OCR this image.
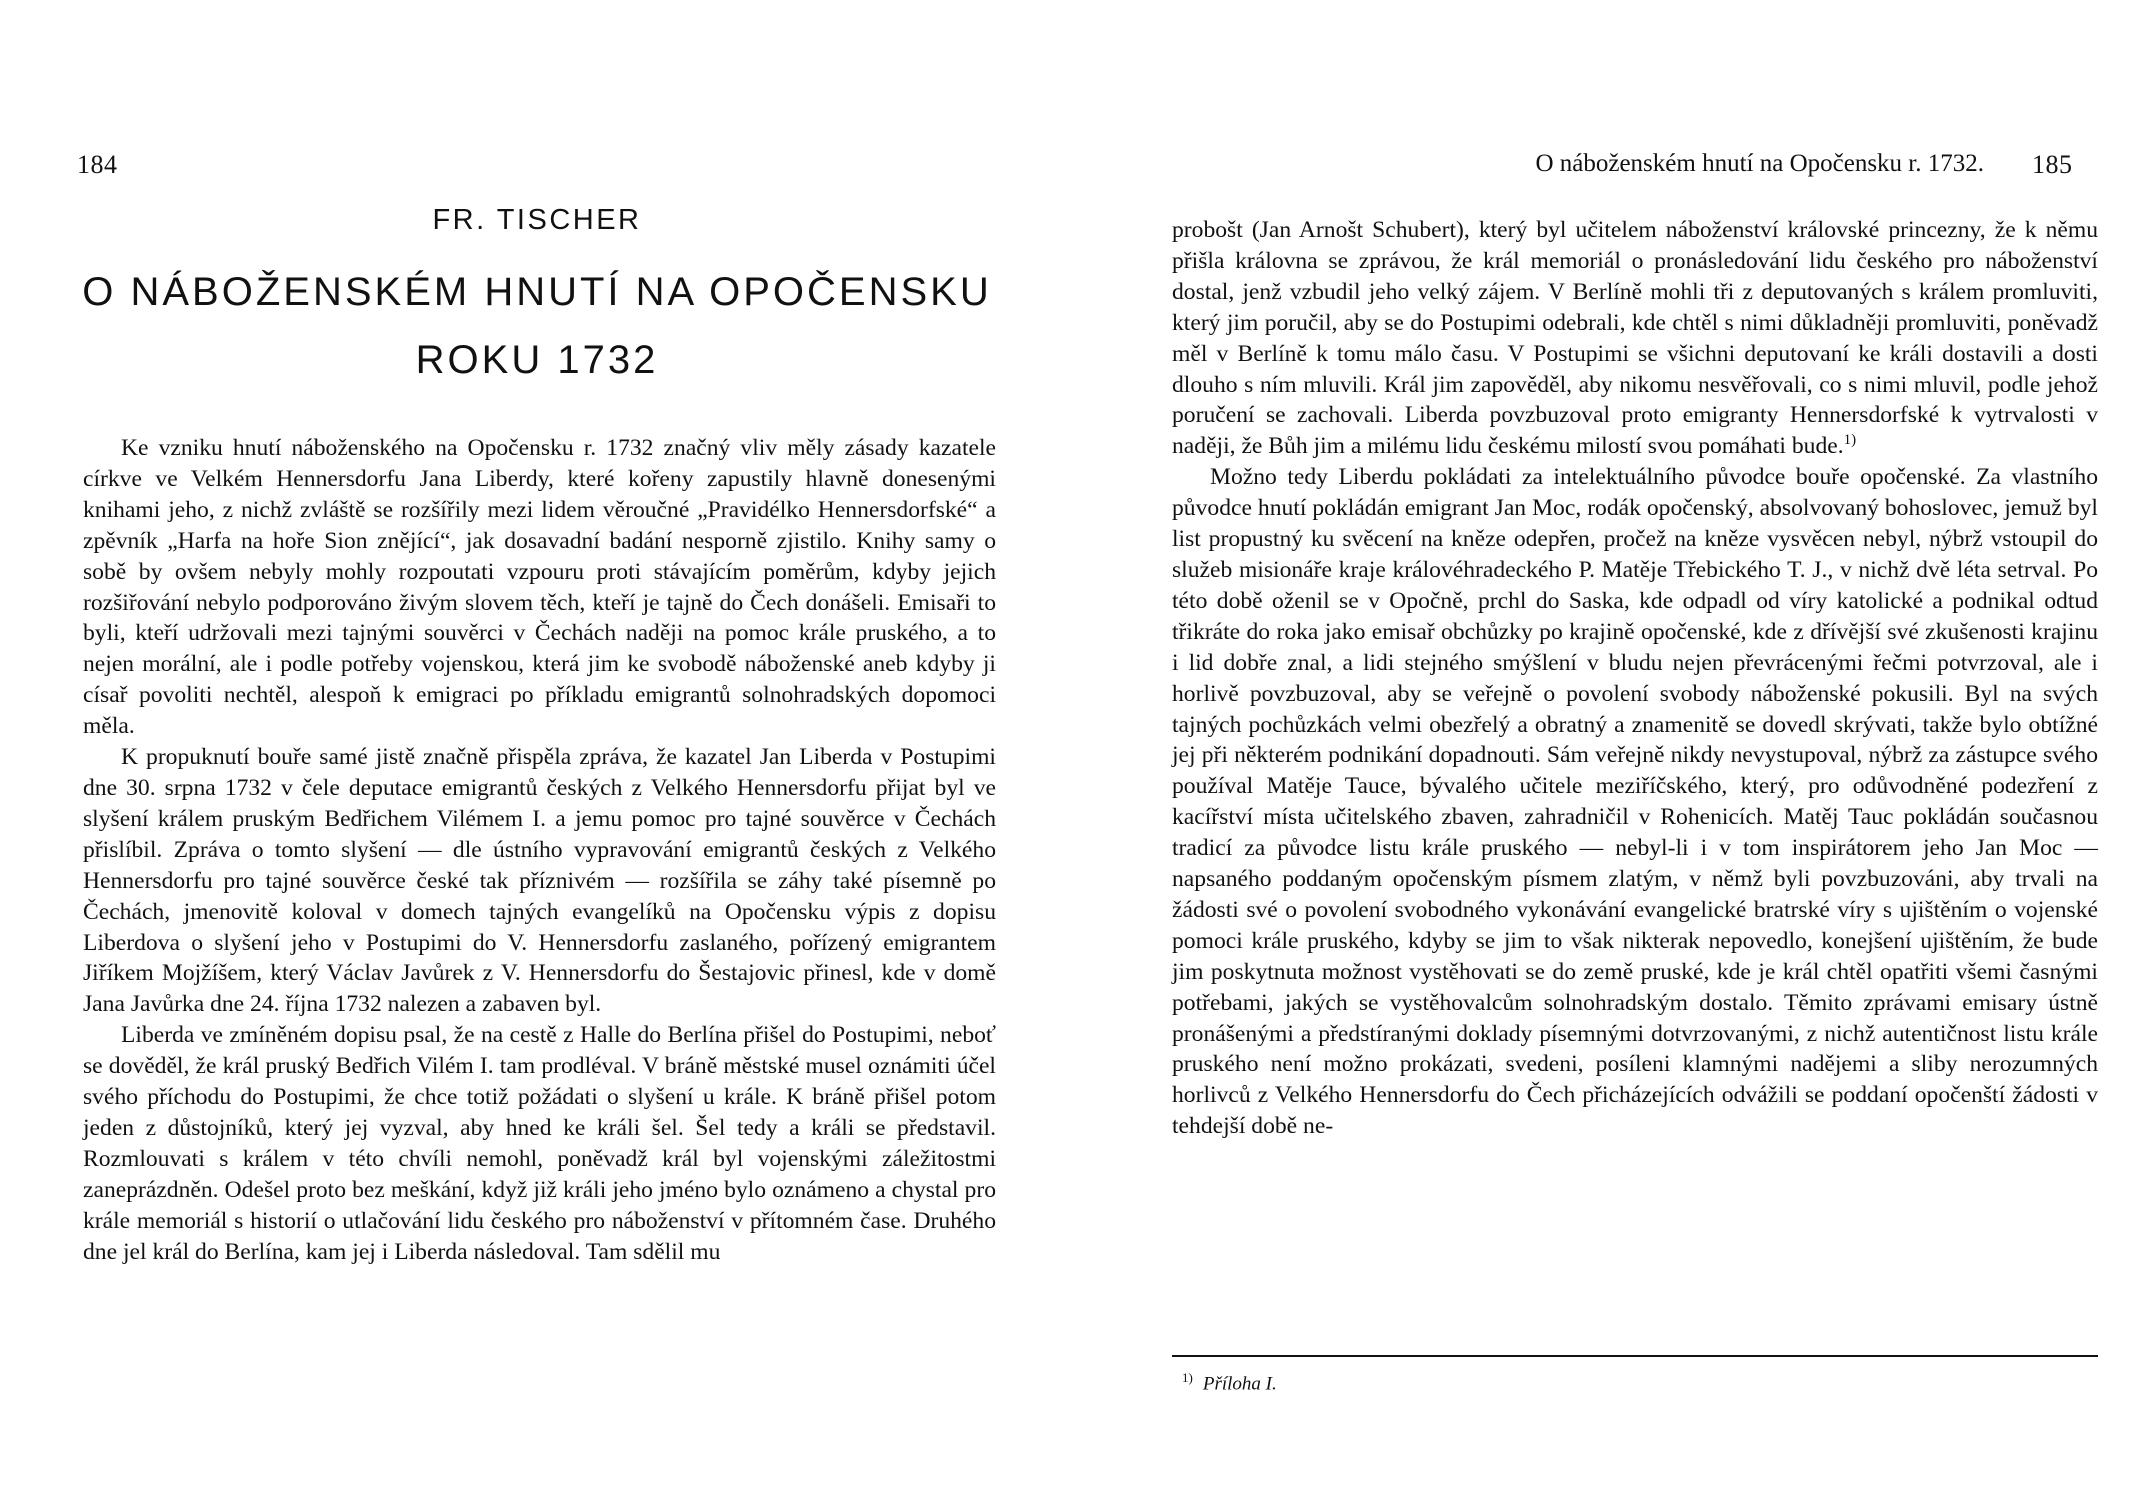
184
FR. TISCHER
O NÁBOŽENSKÉM HNUTÍ NA OPOČENSKU
ROKU 1732

Ke vzniku hnutí náboženského na Opočensku r. 1732 značný vliv měly zásady kazatele církve ve Velkém Hennersdorfu Jana Liberdy, které kořeny zapustily hlavně donesenými knihami jeho, z nichž zvláště se rozšířily mezi lidem věroučné „Pravidélko Hennersdorfské“ a zpěvník „Harfa na hoře Sion znějící“, jak dosavadní badání nesporně zjistilo. Knihy samy o sobě by ovšem nebyly mohly rozpoutati vzpouru proti stávajícím poměrům, kdyby jejich rozšiřování nebylo podporováno živým slovem těch, kteří je tajně do Čech donášeli. Emisaři to byli, kteří udržovali mezi tajnými souvěrci v Čechách naději na pomoc krále pruského, a to nejen morální, ale i podle potřeby vojenskou, která jim ke svobodě náboženské aneb kdyby ji císař povoliti nechtěl, alespoň k emigraci po příkladu emigrantů solnohradských dopomoci měla.

K propuknutí bouře samé jistě značně přispěla zpráva, že kazatel Jan Liberda v Postupimi dne 30. srpna 1732 v čele deputace emigrantů českých z Velkého Hennersdorfu přijat byl ve slyšení králem pruským Bedřichem Vilémem I. a jemu pomoc pro tajné souvěrce v Čechách přislíbil. Zpráva o tomto slyšení — dle ústního vypravování emigrantů českých z Velkého Hennersdorfu pro tajné souvěrce české tak příznivém — rozšířila se záhy také písemně po Čechách, jmenovitě koloval v domech tajných evangelíků na Opočensku výpis z dopisu Liberdova o slyšení jeho v Postupimi do V. Hennersdorfu zaslaného, pořízený emigrantem Jiříkem Mojžíšem, který Václav Javůrek z V. Hennersdorfu do Šestajovic přinesl, kde v domě Jana Javůrka dne 24. října 1732 nalezen a zabaven byl.

Liberda ve zmíněném dopisu psal, že na cestě z Halle do Berlína přišel do Postupimi, neboť se dověděl, že král pruský Bedřich Vilém I. tam prodléval. V bráně městské musel oznámiti účel svého příchodu do Postupimi, že chce totiž požádati o slyšení u krále. K bráně přišel potom jeden z důstojníků, který jej vyzval, aby hned ke králi šel. Šel tedy a králi se představil. Rozmlouvati s králem v této chvíli nemohl, poněvadž král byl vojenskými záležitostmi zaneprázdněn. Odešel proto bez meškání, když již králi jeho jméno bylo oznámeno a chystal pro krále memoriál s historií o utlačování lidu českého pro náboženství v přítomném čase. Druhého dne jel král do Berlína, kam jej i Liberda následoval. Tam sdělil mu

O náboženském hnutí na Opočensku r. 1732. 185

probošt (Jan Arnošt Schubert), který byl učitelem náboženství královské princezny, že k němu přišla královna se zprávou, že král memoriál o pronásledování lidu českého pro náboženství dostal, jenž vzbudil jeho velký zájem. V Berlíně mohli tři z deputovaných s králem promluviti, který jim poručil, aby se do Postupimi odebrali, kde chtěl s nimi důkladněji promluviti, poněvadž měl v Berlíně k tomu málo času. V Postupimi se všichni deputovaní ke králi dostavili a dosti dlouho s ním mluvili. Král jim zapověděl, aby nikomu nesvěřovali, co s nimi mluvil, podle jehož poručení se zachovali. Liberda povzbuzoval proto emigranty Hennersdorfské k vytrvalosti v naději, že Bůh jim a milému lidu českému milostí svou pomáhati bude.$^{1)}$

Možno tedy Liberdu pokládati za intelektuálního původce bouře opočenské. Za vlastního původce hnutí pokládán emigrant Jan Moc, rodák opočenský, absolvovaný bohoslovec, jemuž byl list propustný ku svěcení na kněze odepřen, pročež na kněze vysvěcen nebyl, nýbrž vstoupil do služeb misionáře kraje královéhradeckého P. Matěje Třebického T. J., v nichž dvě léta setrval. Po této době oženil se v Opočně, prchl do Saska, kde odpadl od víry katolické a podnikal odtud třikráte do roka jako emisař obchůzky po krajině opočenské, kde z dřívější své zkušenosti krajinu i lid dobře znal, a lidi stejného smýšlení v bludu nejen převrácenými řečmi potvrzoval, ale i horlivě povzbuzoval, aby se veřejně o povolení svobody náboženské pokusili. Byl na svých tajných pochůzkách velmi obezřelý a obratný a znamenitě se dovedl skrývati, takže bylo obtížné jej při některém podnikání dopadnouti. Sám veřejně nikdy nevystupoval, nýbrž za zástupce svého používal Matěje Tauce, bývalého učitele meziříčského, který, pro odůvodněné podezření z kacířství místa učitelského zbaven, zahradničil v Rohenicích. Matěj Tauc pokládán současnou tradicí za původce listu krále pruského — nebyl-li i v tom inspirátorem jeho Jan Moc — napsaného poddaným opočenským písmem zlatým, v němž byli povzbuzováni, aby trvali na žádosti své o povolení svobodného vykonávání evangelické bratrské víry s ujištěním o vojenské pomoci krále pruského, kdyby se jim to však nikterak nepovedlo, konejšení ujištěním, že bude jim poskytnuta možnost vystěhovati se do země pruské, kde je král chtěl opatřiti všemi časnými potřebami, jakých se vystěhovalcům solnohradským dostalo. Těmito zprávami emisary ústně pronášenými a předstíranými doklady písemnými dotvrzovanými, z nichž autentičnost listu krále pruského není možno prokázati, svedeni, posíleni klamnými nadějemi a sliby nerozumných horlivců z Velkého Hennersdorfu do Čech přicházejících odvážili se poddaní opočenští žádosti v tehdejší době ne-

$^{1)}$ Příloha I.
